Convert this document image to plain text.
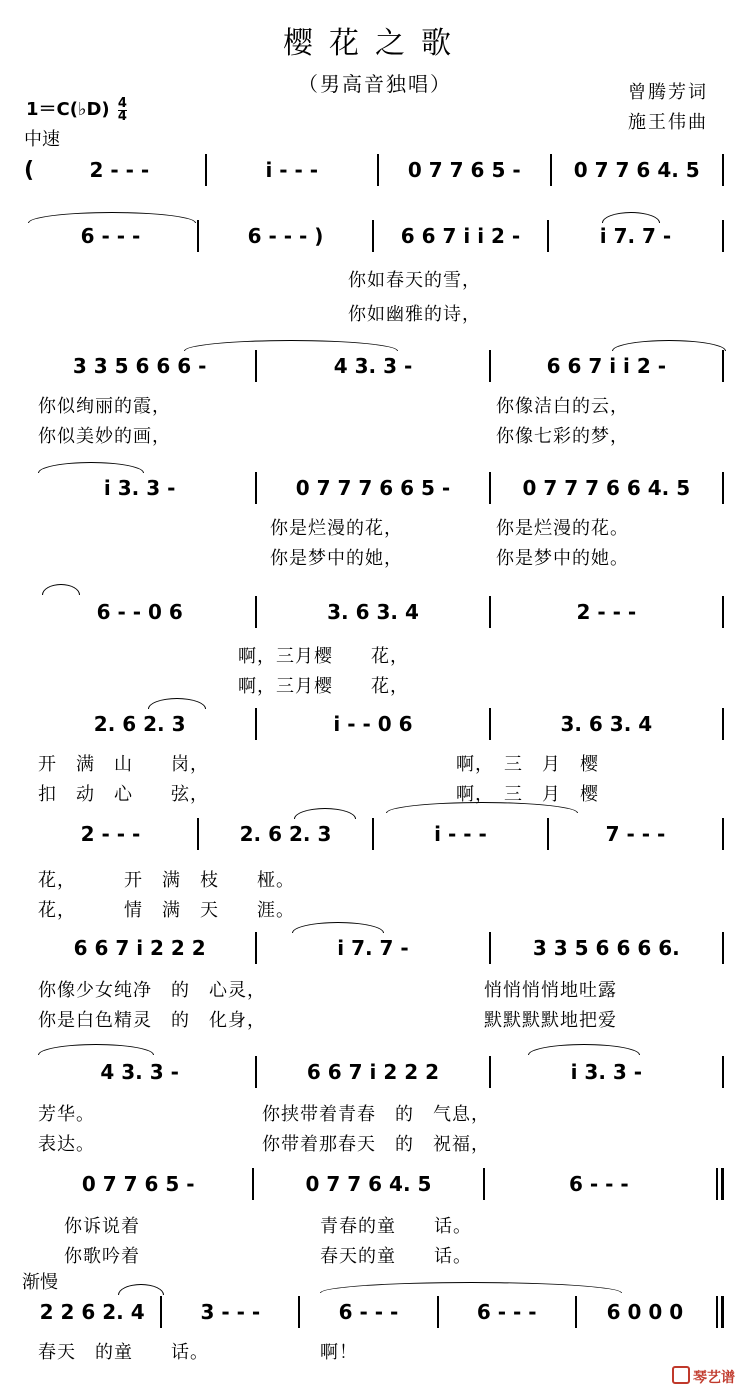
樱花之歌
（男高音独唱）	曾腾芳词
施王伟曲
1＝C(♭D) $\frac{4}{4}$
中速
(	2 - - -	i - - -	0 7 7 6 5 -	0 7 7 6 4. 5
6 - - -	6 - - - )	6 6 7 i i 2 -	i 7. 7 -
你如春天的雪，
你如幽雅的诗，
3 3 5 6 6 6 -	4 3. 3 -	6 6 7 i i 2 -
你似绚丽的霞，
你似美妙的画，
你像洁白的云，
你像七彩的梦，
i 3. 3 -	0 7 7 7 6 6 5 -	0 7 7 7 6 6 4. 5
你是烂漫的花，
你是梦中的她，
你是烂漫的花。
你是梦中的她。
6 - - 0 6	3. 6 3. 4	2 - - -
啊，三月樱　　花，
啊，三月樱　　花，
2. 6 2. 3	i - - 0 6	3. 6 3. 4
开　满　山　　岗，
扣　动　心　　弦，
啊，　三　月　樱
啊，　三　月　樱
2 - - -	2. 6 2. 3	i - - -	7 - - -
花，　　　开　满　枝　　桠。
花，　　　情　满　天　　涯。
6 6 7 i 2 2 2	i 7. 7 -	3 3 5 6 6 6 6.
你像少女纯净　的　心灵，
你是白色精灵　的　化身，
悄悄悄悄地吐露
默默默默地把爱
4 3. 3 -	6 6 7 i 2 2 2	i 3. 3 -
芳华。
表达。
你挟带着青春　的　气息，
你带着那春天　的　祝福，
0 7 7 6 5 -	0 7 7 6 4. 5	6 - - -
你诉说着
你歌吟着
青春的童　　话。
春天的童　　话。
渐慢
2 2 6 2. 4	3 - - -	6 - - -	6 - - -	6 0 0 0
春天　的童　　话。	啊！
琴艺谱
